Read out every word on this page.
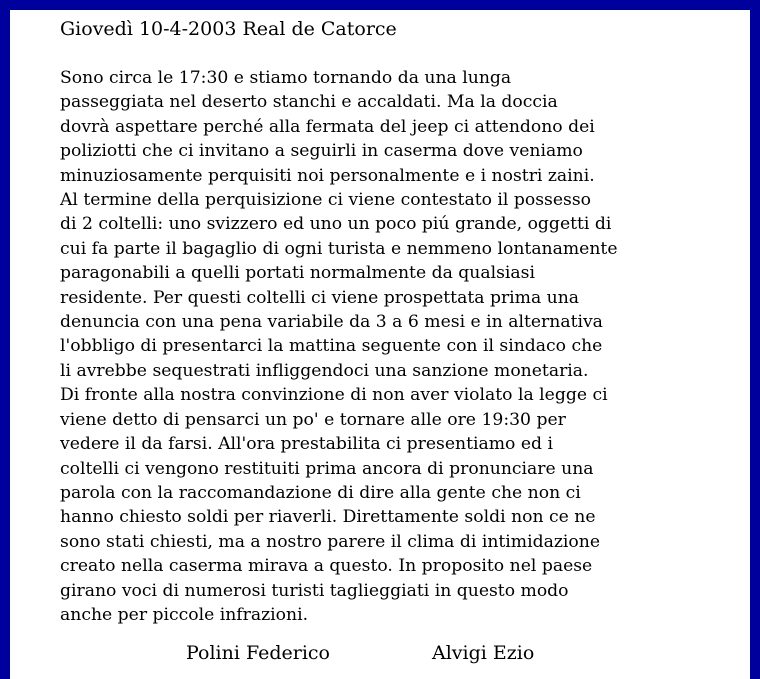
Giovedì 10-4-2003 Real de Catorce
Sono circa le 17:30 e stiamo tornando da una lunga
passeggiata nel deserto stanchi e accaldati. Ma la doccia
dovrà aspettare perché alla fermata del jeep ci attendono dei
poliziotti che ci invitano a seguirli in caserma dove veniamo
minuziosamente perquisiti noi personalmente e i nostri zaini.
Al termine della perquisizione ci viene contestato il possesso
di 2 coltelli: uno svizzero ed uno un poco piú grande, oggetti di
cui fa parte il bagaglio di ogni turista e nemmeno lontanamente
paragonabili a quelli portati normalmente da qualsiasi
residente. Per questi coltelli ci viene prospettata prima una
denuncia con una pena variabile da 3 a 6 mesi e in alternativa
l'obbligo di presentarci la mattina seguente con il sindaco che
li avrebbe sequestrati infliggendoci una sanzione monetaria.
Di fronte alla nostra convinzione di non aver violato la legge ci
viene detto di pensarci un po' e tornare alle ore 19:30 per
vedere il da farsi. All'ora prestabilita ci presentiamo ed i
coltelli ci vengono restituiti prima ancora di pronunciare una
parola con la raccomandazione di dire alla gente che non ci
hanno chiesto soldi per riaverli. Direttamente soldi non ce ne
sono stati chiesti, ma a nostro parere il clima di intimidazione
creato nella caserma mirava a questo. In proposito nel paese
girano voci di numerosi turisti taglieggiati in questo modo
anche per piccole infrazioni.
Polini Federico	Alvigi Ezio
